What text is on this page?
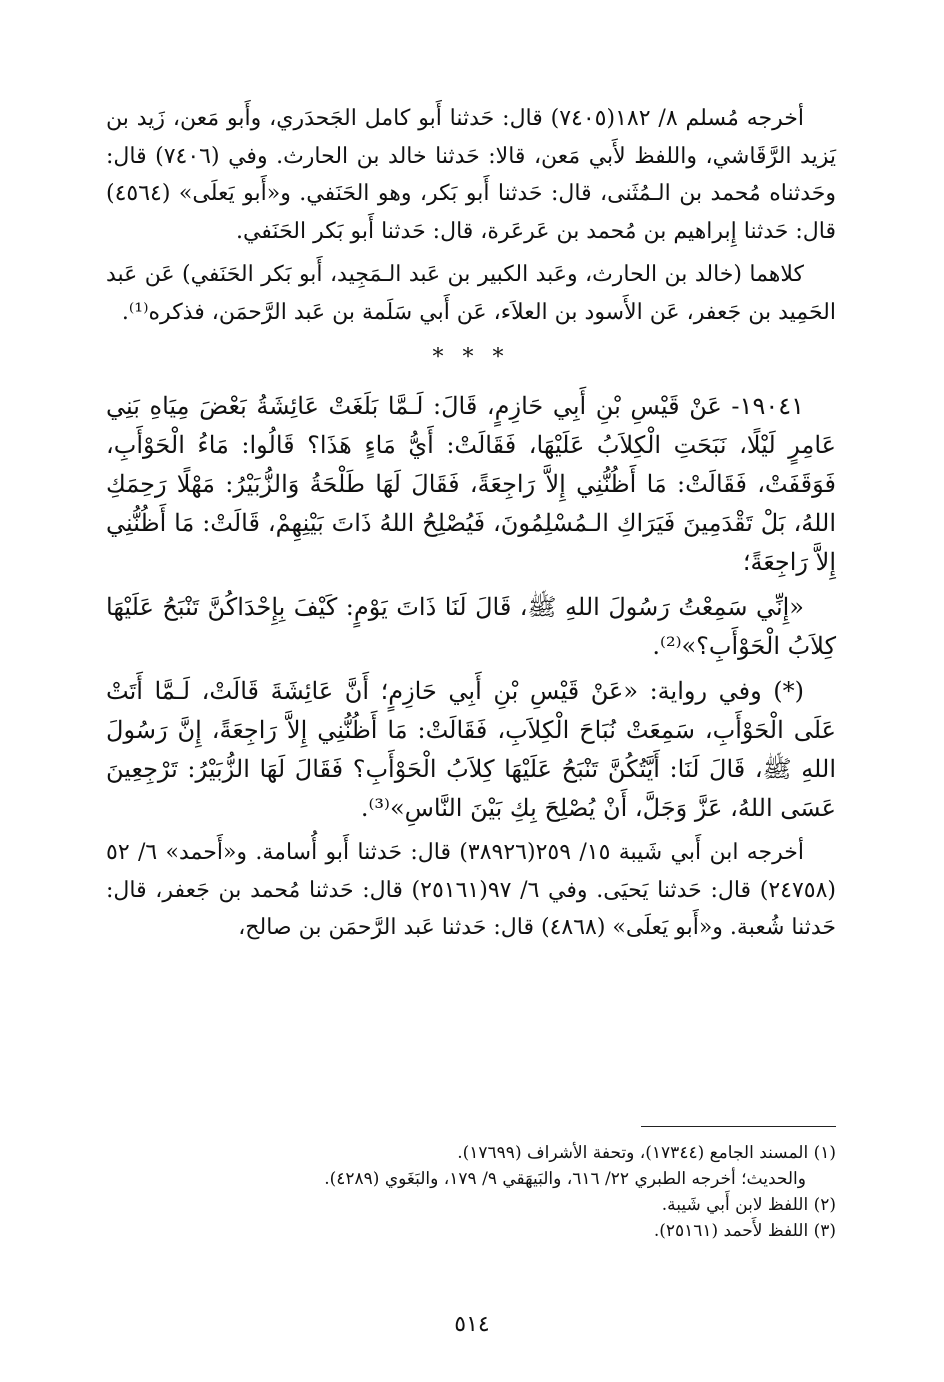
أخرجه مُسلم ٨/ ١٨٢(٧٤٠٥) قال: حَدثنا أَبو كامل الجَحدَري، وأَبو مَعن، زَيد بن يَزيد الرَّقَاشي، واللفظ لأَبي مَعن، قالا: حَدثنا خالد بن الحارث. وفي (٧٤٠٦) قال: وحَدثناه مُحمد بن الـمُثَنى، قال: حَدثنا أَبو بَكر، وهو الحَنَفي. و«أَبو يَعلَى» (٤٥٦٤) قال: حَدثنا إِبراهيم بن مُحمد بن عَرعَرة، قال: حَدثنا أَبو بَكر الحَنَفي.

كلاهما (خالد بن الحارث، وعَبد الكبير بن عَبد الـمَجِيد، أَبو بَكر الحَنَفي) عَن عَبد الحَمِيد بن جَعفر، عَن الأَسود بن العلاَء، عَن أَبي سَلَمة بن عَبد الرَّحمَن، فذكره⁽¹⁾.

* * *

١٩٠٤١- عَنْ قَيْسِ بْنِ أَبِي حَازِمٍ، قَالَ: لَـمَّا بَلَغَتْ عَائِشَةُ بَعْضَ مِيَاهِ بَنِي عَامِرٍ لَيْلًا، نَبَحَتِ الْكِلاَبُ عَلَيْهَا، فَقَالَتْ: أَيُّ مَاءٍ هَذَا؟ قَالُوا: مَاءُ الْحَوْأَبِ، فَوَقَفَتْ، فَقَالَتْ: مَا أَظُنُّنِي إِلاَّ رَاجِعَةً، فَقَالَ لَهَا طَلْحَةُ وَالزُّبَيْرُ: مَهْلًا رَحِمَكِ اللهُ، بَلْ تَقْدَمِينَ فَيَرَاكِ الـمُسْلِمُونَ، فَيُصْلِحُ اللهُ ذَاتَ بَيْنِهِمْ، قَالَتْ: مَا أَظُنُّنِي إِلاَّ رَاجِعَةً؛

«إِنِّي سَمِعْتُ رَسُولَ اللهِ ﷺ، قَالَ لَنَا ذَاتَ يَوْمٍ: كَيْفَ بِإِحْدَاكُنَّ تَنْبَحُ عَلَيْهَا كِلاَبُ الْحَوْأَبِ؟»⁽²⁾.

(*) وفي رواية: «عَنْ قَيْسِ بْنِ أَبِي حَازِمٍ؛ أَنَّ عَائِشَةَ قَالَتْ، لَـمَّا أَتَتْ عَلَى الْحَوْأَبِ، سَمِعَتْ نُبَاحَ الْكِلاَبِ، فَقَالَتْ: مَا أَظُنُّنِي إِلاَّ رَاجِعَةً، إِنَّ رَسُولَ اللهِ ﷺ، قَالَ لَنَا: أَيَّتُكُنَّ تَنْبَحُ عَلَيْهَا كِلاَبُ الْحَوْأَبِ؟ فَقَالَ لَهَا الزُّبَيْرُ: تَرْجِعِينَ عَسَى اللهُ، عَزَّ وَجَلَّ، أَنْ يُصْلِحَ بِكِ بَيْنَ النَّاسِ»⁽³⁾.

أخرجه ابن أَبي شَيبة ١٥/ ٢٥٩(٣٨٩٢٦) قال: حَدثنا أَبو أُسامة. و«أَحمد» ٦/ ٥٢ (٢٤٧٥٨) قال: حَدثنا يَحيَى. وفي ٦/ ٩٧(٢٥١٦١) قال: حَدثنا مُحمد بن جَعفر، قال: حَدثنا شُعبة. و«أَبو يَعلَى» (٤٨٦٨) قال: حَدثنا عَبد الرَّحمَن بن صالح،

(١) المسند الجامع (١٧٣٤٤)، وتحفة الأشراف (١٧٦٩٩).

والحديث؛ أخرجه الطبري ٢٢/ ٦١٦، والبَيهَقي ٩/ ١٧٩، والبَغَوي (٤٢٨٩).

(٢) اللفظ لابن أَبي شَيبة.

(٣) اللفظ لأَحمد (٢٥١٦١).

٥١٤
